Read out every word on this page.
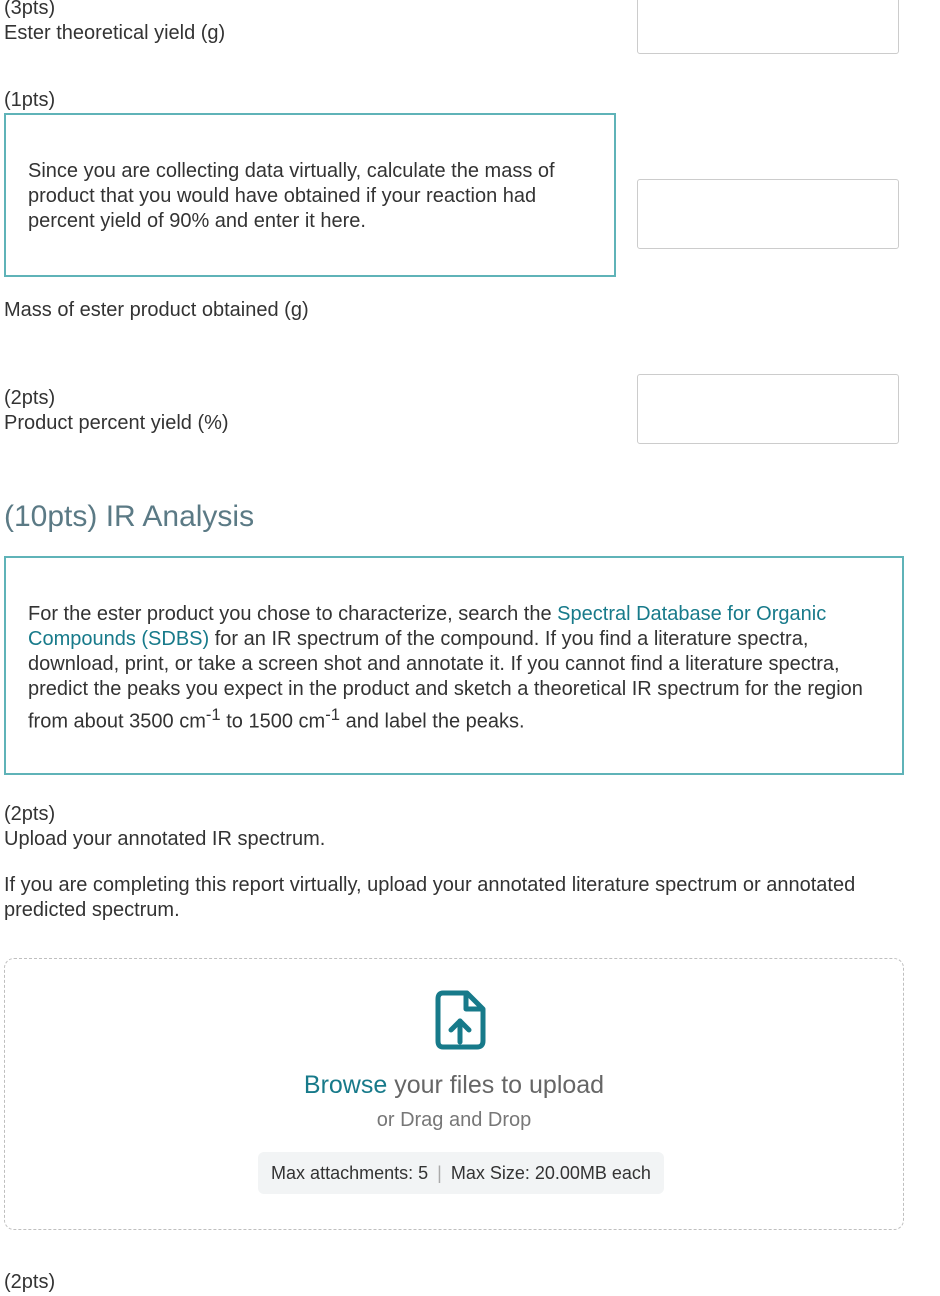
(3pts)
Ester theoretical yield (g)
(1pts)

Since you are collecting data virtually, calculate the mass of product that you would have obtained if your reaction had percent yield of 90% and enter it here.

Mass of ester product obtained (g)
(2pts)
Product percent yield (%)
(10pts) IR Analysis

For the ester product you chose to characterize, search the Spectral Database for Organic Compounds (SDBS) for an IR spectrum of the compound. If you find a literature spectra, download, print, or take a screen shot and annotate it. If you cannot find a literature spectra, predict the peaks you expect in the product and sketch a theoretical IR spectrum for the region from about 3500 $cm^{-1}$ to 1500 $cm^{-1}$ and label the peaks.

(2pts)
Upload your annotated IR spectrum.
If you are completing this report virtually, upload your annotated literature spectrum or annotated predicted spectrum.
Browse your files to upload
or Drag and Drop
Max attachments: 5 | Max Size: 20.00MB each
(2pts)
